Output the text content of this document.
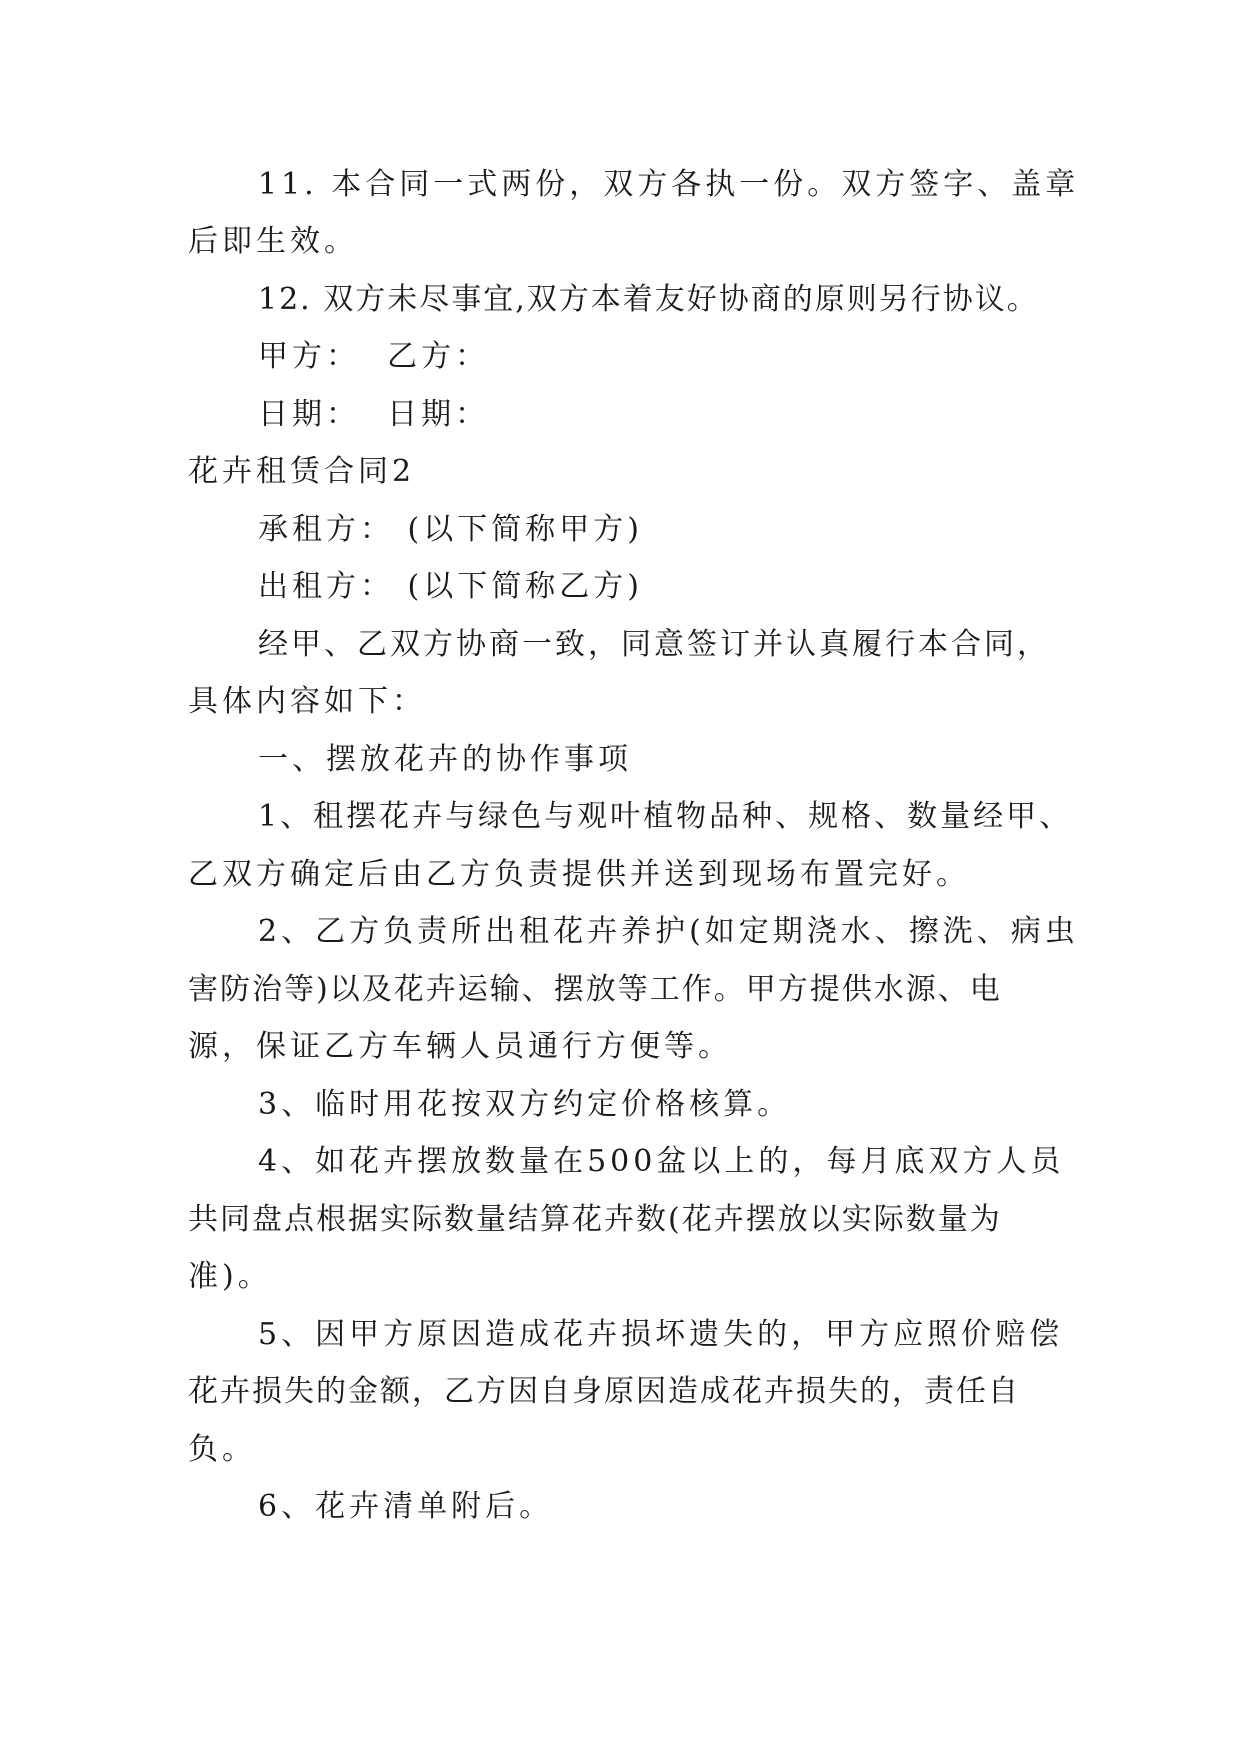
11. 本合同一式两份，双方各执一份。双方签字、盖章
后即生效。
12. 双方未尽事宜,双方本着友好协商的原则另行协议。
甲方：  乙方：
日期：  日期：
花卉租赁合同2
承租方： (以下简称甲方)
出租方： (以下简称乙方)
经甲、乙双方协商一致，同意签订并认真履行本合同，
具体内容如下：
一、摆放花卉的协作事项
1、租摆花卉与绿色与观叶植物品种、规格、数量经甲、
乙双方确定后由乙方负责提供并送到现场布置完好。
2、乙方负责所出租花卉养护(如定期浇水、擦洗、病虫
害防治等)以及花卉运输、摆放等工作。甲方提供水源、电
源，保证乙方车辆人员通行方便等。
3、临时用花按双方约定价格核算。
4、如花卉摆放数量在500盆以上的，每月底双方人员
共同盘点根据实际数量结算花卉数(花卉摆放以实际数量为
准)。
5、因甲方原因造成花卉损坏遗失的，甲方应照价赔偿
花卉损失的金额，乙方因自身原因造成花卉损失的，责任自
负。
6、花卉清单附后。
